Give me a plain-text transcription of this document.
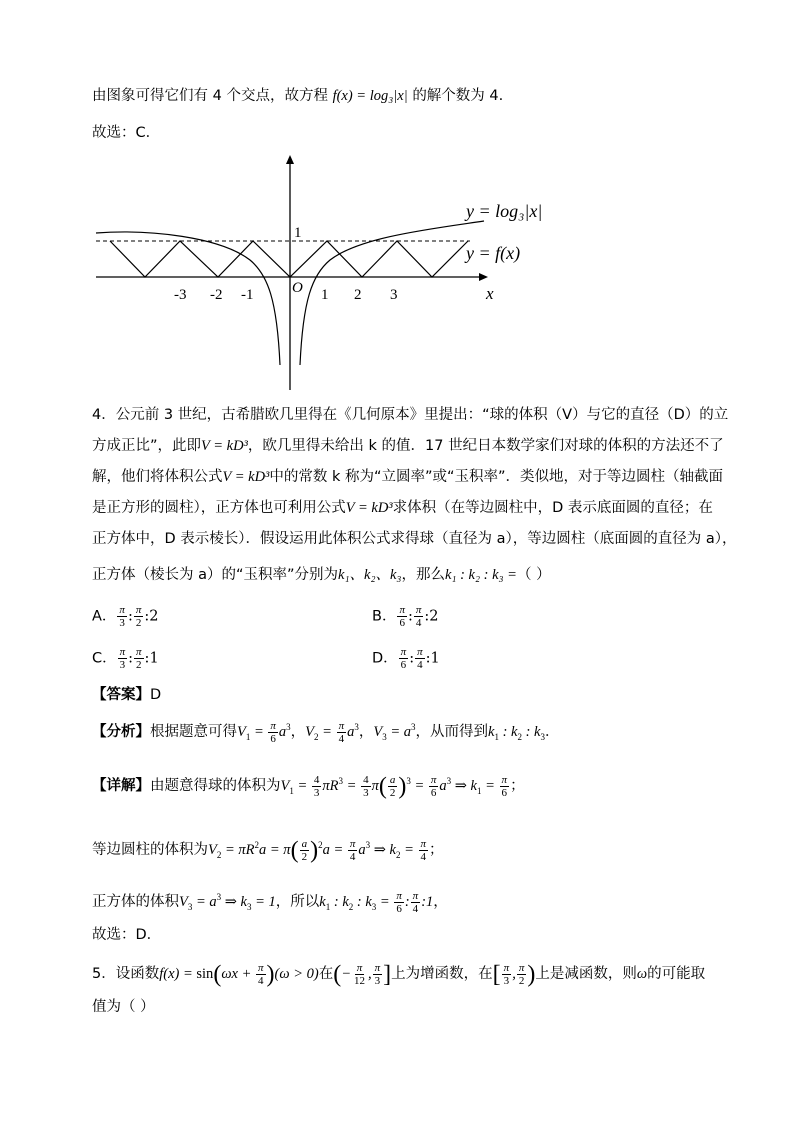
由图象可得它们有 4 个交点，故方程 f(x) = log₃|x| 的解个数为 4.
故选：C．
y = log₃|x|
y = f(x)
1
O	x
-3 -2 -1	1 2 3
4．公元前 3 世纪，古希腊欧几里得在《几何原本》里提出：“球的体积（V）与它的直径（D）的立
方成正比”，此即V = kD³，欧几里得未给出 k 的值．17 世纪日本数学家们对球的体积的方法还不了
解，他们将体积公式V = kD³中的常数 k 称为“立圆率”或“玉积率”．类似地，对于等边圆柱（轴截面
是正方形的圆柱），正方体也可利用公式V = kD³求体积（在等边圆柱中，D 表示底面圆的直径；在
正方体中，D 表示棱长）．假设运用此体积公式求得球（直径为 a），等边圆柱（底面圆的直径为 a），
正方体（棱长为 a）的“玉积率”分别为k₁、k₂、k₃，那么k₁ : k₂ : k₃ =（ ）
A． $\frac{\pi}{3}$ : $\frac{\pi}{2}$ :2	B． $\frac{\pi}{6}$ : $\frac{\pi}{4}$ :2
C． $\frac{\pi}{3}$ : $\frac{\pi}{2}$ :1	D． $\frac{\pi}{6}$ : $\frac{\pi}{4}$ :1
【答案】D
【分析】根据题意可得$V_1 = \frac{\pi}{6} a^3$，$V_2 = \frac{\pi}{4} a^3$，$V_3 = a^3$，从而得到$k_1$ : $k_2$ : $k_3$．
【详解】由题意得球的体积为$V_1 = \frac{4}{3} \pi R^3 = \frac{4}{3} \pi( \frac{a}{2} )^3 = \frac{\pi}{6} a^3$ ⇒ $k_1 = \frac{\pi}{6}$ ；
等边圆柱的体积为$V_2 = \pi R^2a = \pi( \frac{a}{2} )^2a = \frac{\pi}{4} a^3$ ⇒ $k_2 = \frac{\pi}{4}$ ；
正方体的体积$V_3 = a^3$ ⇒ $k_3 = 1$，所以$k_1$ : $k_2$ : $k_3 = \frac{\pi}{6}$ : $\frac{\pi}{4}$ :1，
故选：D．
5．设函数$f(x) = \sin(\omega x + \frac{\pi}{4} )(\omega > 0)$在(− $\frac{\pi}{12}$ , $\frac{\pi}{3}$ ]上为增函数，在[ $\frac{\pi}{3}$ , $\frac{\pi}{2}$ )上是减函数，则ω的可能取
值为（ ）
